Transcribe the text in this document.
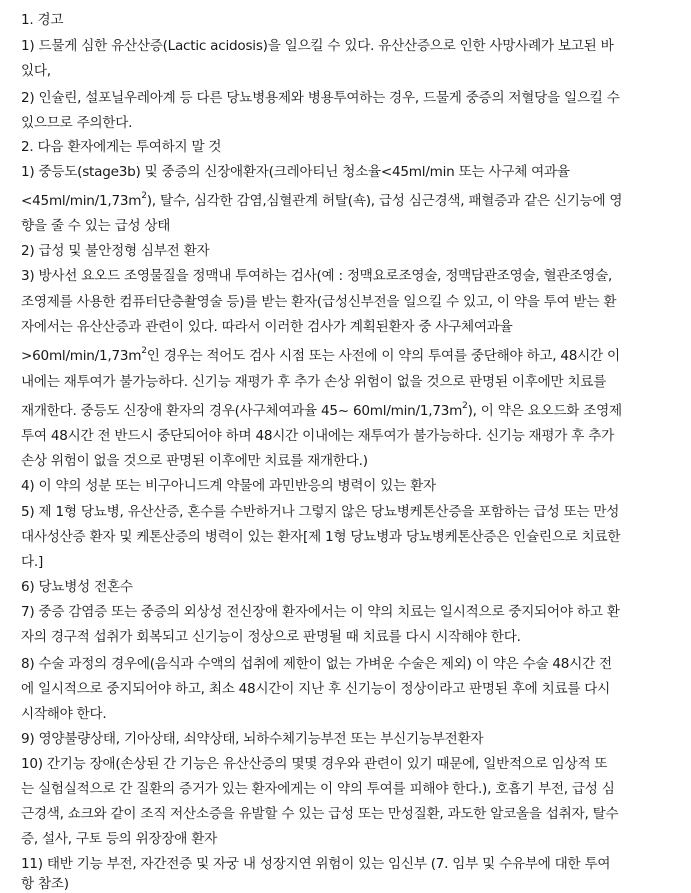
1. 경고
1) 드물게 심한 유산산증(Lactic acidosis)을 일으킬 수 있다. 유산산증으로 인한 사망사례가 보고된 바
있다,
2) 인슐린, 설포닐우레아계 등 다른 당뇨병용제와 병용투여하는 경우, 드물게 중증의 저혈당을 일으킬 수
있으므로 주의한다.
2. 다음 환자에게는 투여하지 말 것
1) 중등도(stage3b) 및 중증의 신장애환자(크레아티닌 청소율<45ml/min 또는 사구체 여과율
$<45ml/\min/1,73m^2$), 탈수, 심각한 감염,심혈관계 허탈(쇽), 급성 심근경색, 패혈증과 같은 신기능에 영
향을 줄 수 있는 급성 상태
2) 급성 및 불안정형 심부전 환자
3) 방사선 요오드 조영물질을 정맥내 투여하는 검사(예 : 정맥요로조영술, 정맥담관조영술, 혈관조영술,
조영제를 사용한 컴퓨터단층촬영술 등)를 받는 환자(급성신부전을 일으킬 수 있고, 이 약을 투여 받는 환
자에서는 유산산증과 관련이 있다. 따라서 이러한 검사가 계획된환자 중 사구체여과율
$>60ml/\min/1,73m^2$인 경우는 적어도 검사 시점 또는 사전에 이 약의 투여를 중단해야 하고, 48시간 이
내에는 재투여가 불가능하다. 신기능 재평가 후 추가 손상 위험이 없을 것으로 판명된 이후에만 치료를
재개한다. 중등도 신장애 환자의 경우(사구체여과율 45~ $60ml/\min/1,73m^2$), 이 약은 요오드화 조영제
투여 48시간 전 반드시 중단되어야 하며 48시간 이내에는 재투여가 불가능하다. 신기능 재평가 후 추가
손상 위험이 없을 것으로 판명된 이후에만 치료를 재개한다.)
4) 이 약의 성분 또는 비구아니드계 약물에 과민반응의 병력이 있는 환자
5) 제 1형 당뇨병, 유산산증, 혼수를 수반하거나 그렇지 않은 당뇨병케톤산증을 포함하는 급성 또는 만성
대사성산증 환자 및 케톤산증의 병력이 있는 환자[제 1형 당뇨병과 당뇨병케톤산증은 인슐린으로 치료한
다.]
6) 당뇨병성 전혼수
7) 중증 감염증 또는 중증의 외상성 전신장애 환자에서는 이 약의 치료는 일시적으로 중지되어야 하고 환
자의 경구적 섭취가 회복되고 신기능이 정상으로 판명될 때 치료를 다시 시작해야 한다.
8) 수술 과정의 경우에(음식과 수액의 섭취에 제한이 없는 가벼운 수술은 제외) 이 약은 수술 48시간 전
에 일시적으로 중지되어야 하고, 최소 48시간이 지난 후 신기능이 정상이라고 판명된 후에 치료를 다시
시작해야 한다.
9) 영양불량상태, 기아상태, 쇠약상태, 뇌하수체기능부전 또는 부신기능부전환자
10) 간기능 장애(손상된 간 기능은 유산산증의 몇몇 경우와 관련이 있기 때문에, 일반적으로 임상적 또
는 실험실적으로 간 질환의 증거가 있는 환자에게는 이 약의 투여를 피해야 한다.), 호흡기 부전, 급성 심
근경색, 쇼크와 같이 조직 저산소증을 유발할 수 있는 급성 또는 만성질환, 과도한 알코올을 섭취자, 탈수
증, 설사, 구토 등의 위장장애 환자
11) 태반 기능 부전, 자간전증 및 자궁 내 성장지연 위험이 있는 임신부 (7. 임부 및 수유부에 대한 투여
항 참조)
